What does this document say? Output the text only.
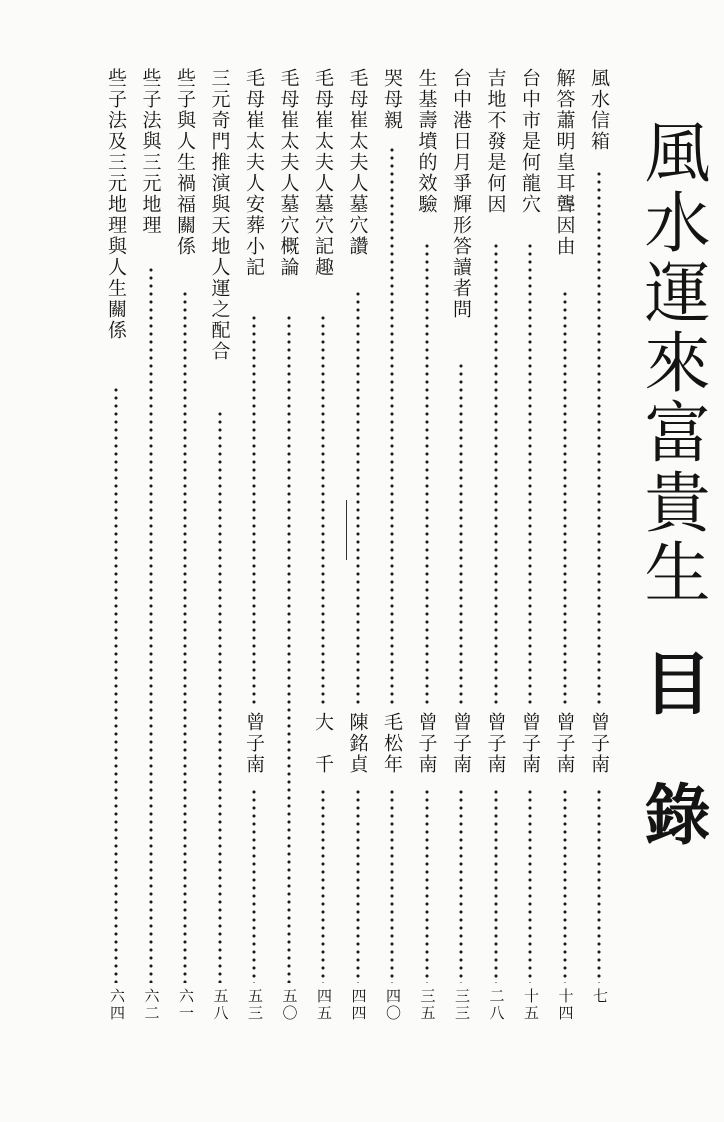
風水運來富貴生
目
錄
風水信箱
曾子南
七
解答蕭明皇耳聾因由
曾子南
十四
台中市是何龍穴
曾子南
十五
吉地不發是何因
曾子南
二八
台中港日月爭輝形答讀者問
曾子南
三三
生基壽墳的效驗
曾子南
三五
哭母親
毛松年
四〇
毛母崔太夫人墓穴讚
陳銘貞
四四
毛母崔太夫人墓穴記趣
大　千
四五
毛母崔太夫人墓穴概論
五〇
毛母崔太夫人安葬小記
曾子南
五三
三元奇門推演與天地人運之配合
五八
些子與人生禍福關係
六一
些子法與三元地理
六二
些子法及三元地理與人生關係
六四
